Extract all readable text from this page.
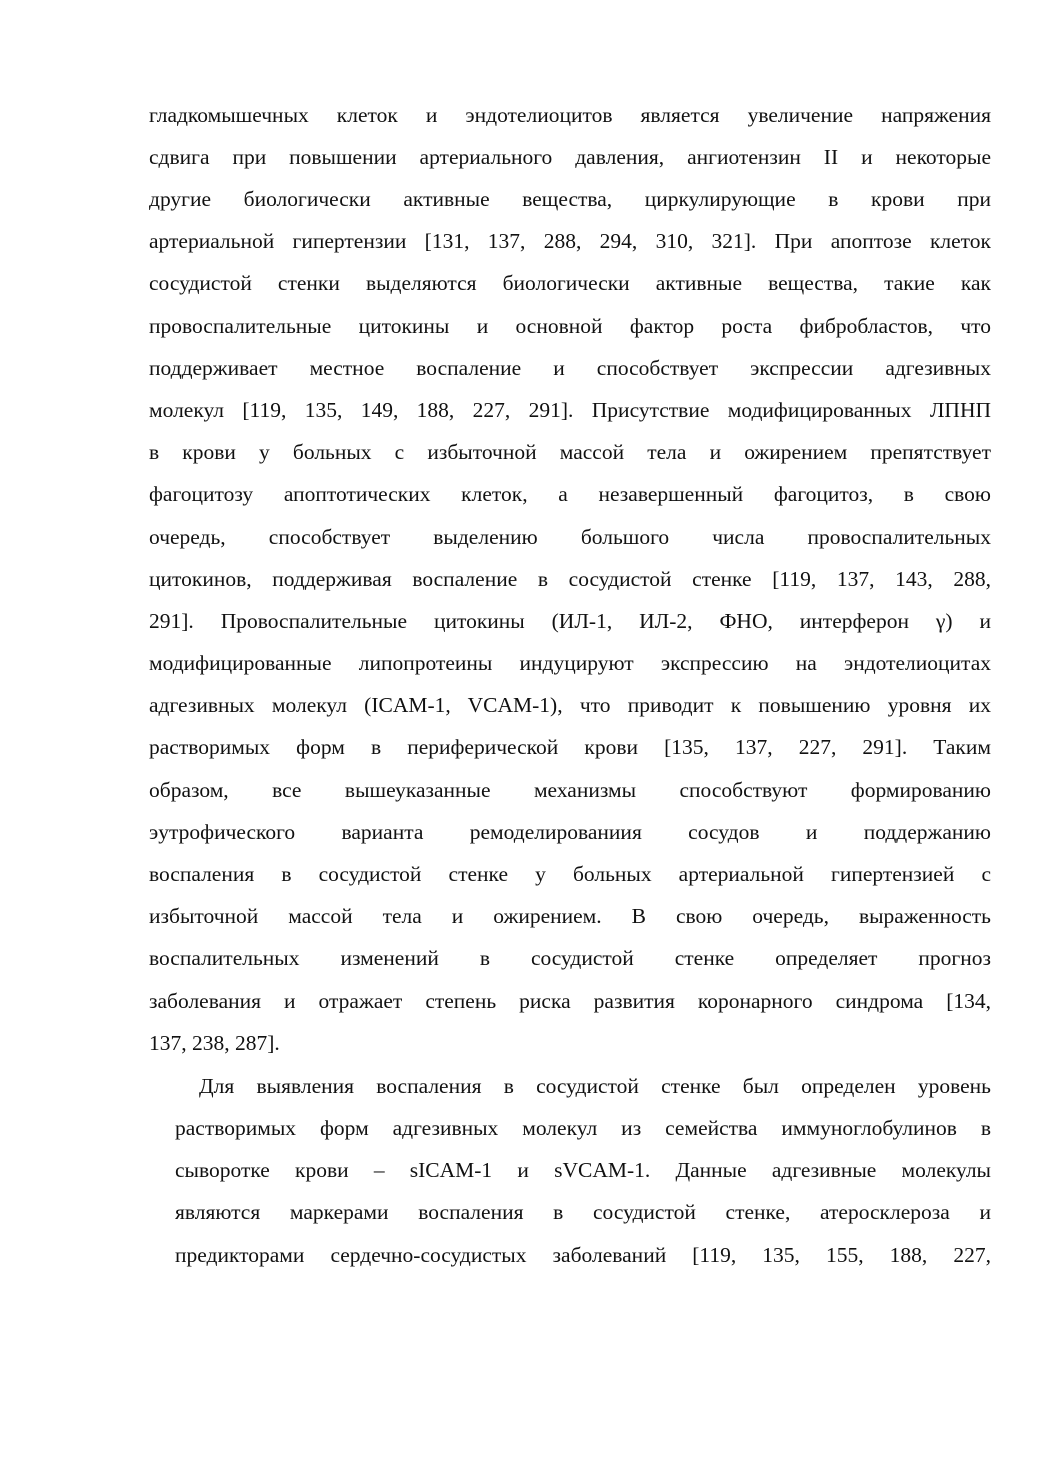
гладкомышечных клеток и эндотелиоцитов является увеличение напряжения
сдвига при повышении артериального давления, ангиотензин II и некоторые
другие биологически активные вещества, циркулирующие в крови при
артериальной гипертензии [131, 137, 288, 294, 310, 321]. При апоптозе клеток
сосудистой стенки выделяются биологически активные вещества, такие как
провоспалительные цитокины и основной фактор роста фибробластов, что
поддерживает местное воспаление и способствует экспрессии адгезивных
молекул [119, 135, 149, 188, 227, 291]. Присутствие модифицированных ЛПНП
в крови у больных с избыточной массой тела и ожирением препятствует
фагоцитозу апоптотических клеток, а незавершенный фагоцитоз, в свою
очередь, способствует выделению большого числа провоспалительных
цитокинов, поддерживая воспаление в сосудистой стенке [119, 137, 143, 288,
291]. Провоспалительные цитокины (ИЛ-1, ИЛ-2, ФНО, интерферон γ) и
модифицированные липопротеины индуцируют экспрессию на эндотелиоцитах
адгезивных молекул (ICAM-1, VCAM-1), что приводит к повышению уровня их
растворимых форм в периферической крови [135, 137, 227, 291]. Таким
образом, все вышеуказанные механизмы способствуют формированию
эутрофического варианта ремоделированиия сосудов и поддержанию
воспаления в сосудистой стенке у больных артериальной гипертензией с
избыточной массой тела и ожирением. В свою очередь, выраженность
воспалительных изменений в сосудистой стенке определяет прогноз
заболевания и отражает степень риска развития коронарного синдрома [134,
137, 238, 287].
Для выявления воспаления в сосудистой стенке был определен уровень
растворимых форм адгезивных молекул из семейства иммуноглобулинов в
сыворотке крови – sICAM-1 и sVCAM-1. Данные адгезивные молекулы
являются маркерами воспаления в сосудистой стенке, атеросклероза и
предикторами сердечно-сосудистых заболеваний [119, 135, 155, 188, 227,
